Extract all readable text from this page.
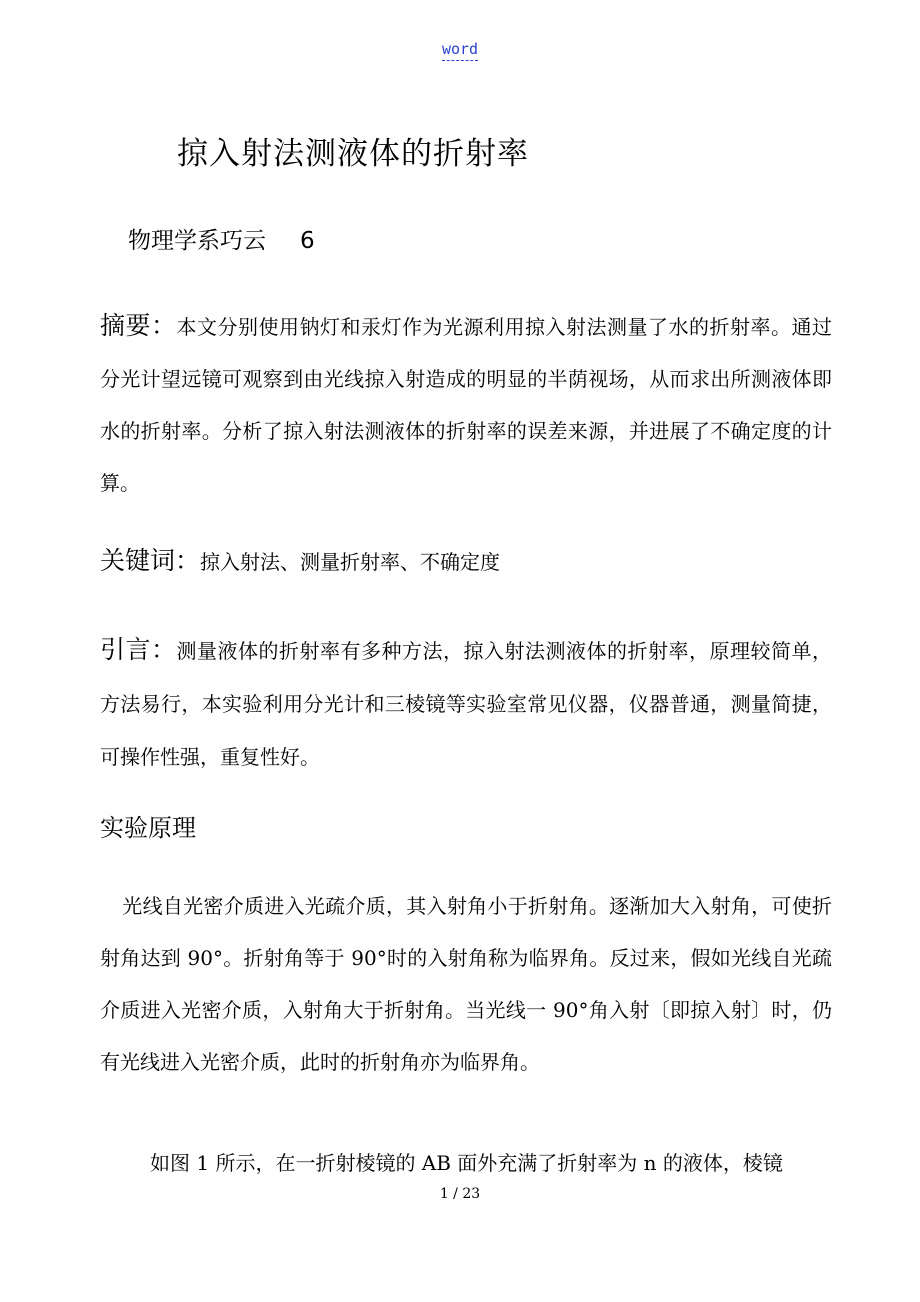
word
掠入射法测液体的折射率
物理学系巧云 6
摘要：本文分别使用钠灯和汞灯作为光源利用掠入射法测量了水的折射率。通过分光计望远镜可观察到由光线掠入射造成的明显的半荫视场，从而求出所测液体即水的折射率。分析了掠入射法测液体的折射率的误差来源，并进展了不确定度的计算。
关键词：掠入射法、测量折射率、不确定度
引言：测量液体的折射率有多种方法，掠入射法测液体的折射率，原理较简单，方法易行，本实验利用分光计和三棱镜等实验室常见仪器，仪器普通，测量简捷，可操作性强，重复性好。
实验原理
光线自光密介质进入光疏介质，其入射角小于折射角。逐渐加大入射角，可使折射角达到 90°。折射角等于 90°时的入射角称为临界角。反过来，假如光线自光疏介质进入光密介质，入射角大于折射角。当光线一 90°角入射〔即掠入射〕时，仍有光线进入光密介质，此时的折射角亦为临界角。
如图 1 所示，在一折射棱镜的 AB 面外充满了折射率为 n 的液体，棱镜
1 / 23
